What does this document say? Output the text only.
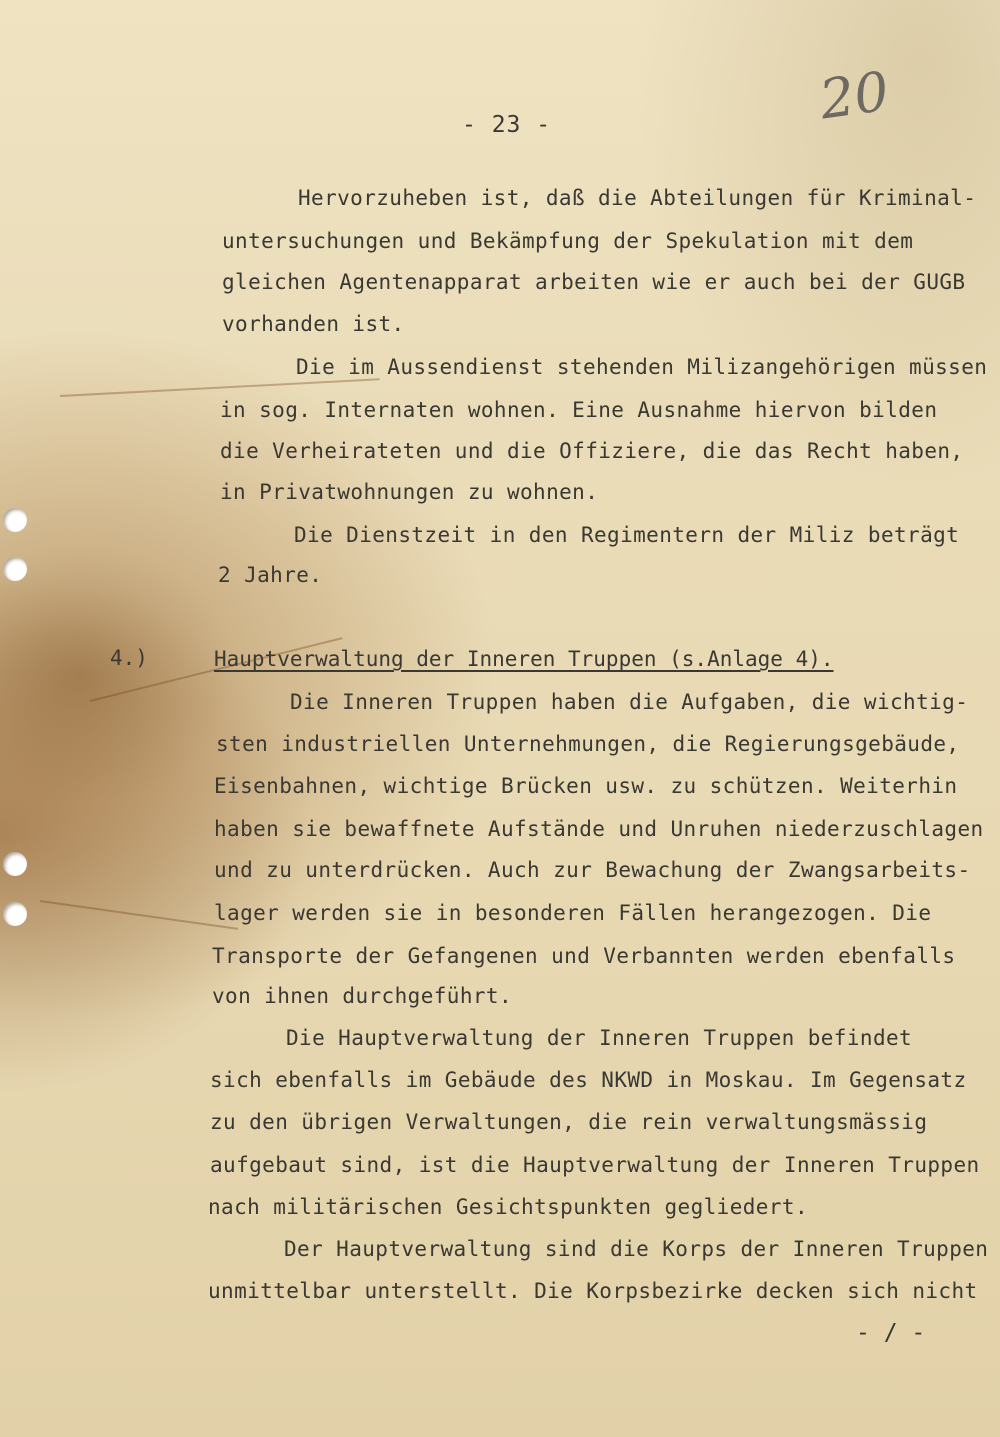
- 23 -	20
Hervorzuheben ist, daß die Abteilungen für Kriminal-
untersuchungen und Bekämpfung der Spekulation mit dem
gleichen Agentenapparat arbeiten wie er auch bei der GUGB
vorhanden ist.
Die im Aussendienst stehenden Milizangehörigen müssen
in sog. Internaten wohnen. Eine Ausnahme hiervon bilden
die Verheirateten und die Offiziere, die das Recht haben,
in Privatwohnungen zu wohnen.
Die Dienstzeit in den Regimentern der Miliz beträgt
2 Jahre.
4.)	Hauptverwaltung der Inneren Truppen (s.Anlage 4).
Die Inneren Truppen haben die Aufgaben, die wichtig-
sten industriellen Unternehmungen, die Regierungsgebäude,
Eisenbahnen, wichtige Brücken usw. zu schützen. Weiterhin
haben sie bewaffnete Aufstände und Unruhen niederzuschlagen
und zu unterdrücken. Auch zur Bewachung der Zwangsarbeits-
lager werden sie in besonderen Fällen herangezogen. Die
Transporte der Gefangenen und Verbannten werden ebenfalls
von ihnen durchgeführt.
Die Hauptverwaltung der Inneren Truppen befindet
sich ebenfalls im Gebäude des NKWD in Moskau. Im Gegensatz
zu den übrigen Verwaltungen, die rein verwaltungsmässig
aufgebaut sind, ist die Hauptverwaltung der Inneren Truppen
nach militärischen Gesichtspunkten gegliedert.
Der Hauptverwaltung sind die Korps der Inneren Truppen
unmittelbar unterstellt. Die Korpsbezirke decken sich nicht
- / -
